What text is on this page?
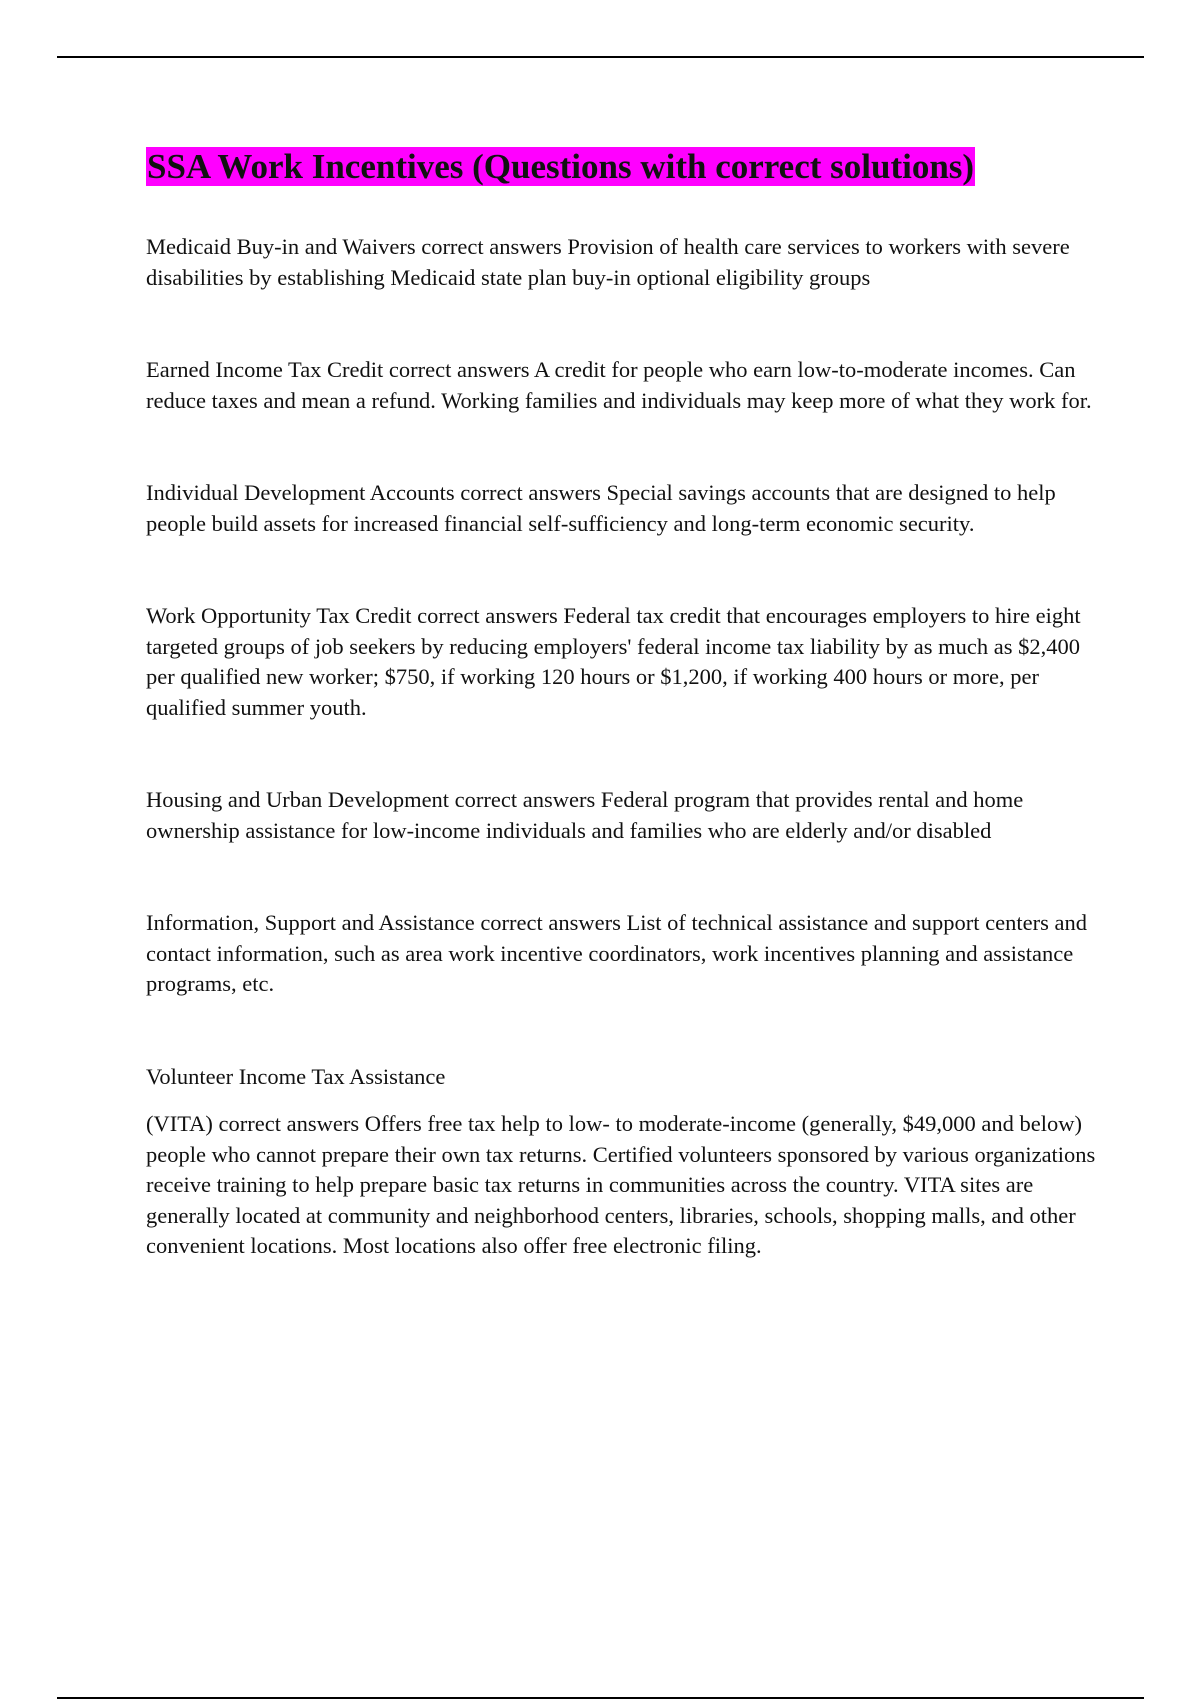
SSA Work Incentives (Questions with correct solutions)

Medicaid Buy-in and Waivers correct answers Provision of health care services to workers with severe disabilities by establishing Medicaid state plan buy-in optional eligibility groups

Earned Income Tax Credit correct answers A credit for people who earn low-to-moderate incomes. Can reduce taxes and mean a refund. Working families and individuals may keep more of what they work for.

Individual Development Accounts correct answers Special savings accounts that are designed to help people build assets for increased financial self-sufficiency and long-term economic security.

Work Opportunity Tax Credit correct answers Federal tax credit that encourages employers to hire eight targeted groups of job seekers by reducing employers' federal income tax liability by as much as $2,400 per qualified new worker; $750, if working 120 hours or $1,200, if working 400 hours or more, per qualified summer youth.

Housing and Urban Development correct answers Federal program that provides rental and home ownership assistance for low-income individuals and families who are elderly and/or disabled

Information, Support and Assistance correct answers List of technical assistance and support centers and contact information, such as area work incentive coordinators, work incentives planning and assistance programs, etc.

Volunteer Income Tax Assistance

(VITA) correct answers Offers free tax help to low- to moderate-income (generally, $49,000 and below) people who cannot prepare their own tax returns. Certified volunteers sponsored by various organizations receive training to help prepare basic tax returns in communities across the country. VITA sites are generally located at community and neighborhood centers, libraries, schools, shopping malls, and other convenient locations. Most locations also offer free electronic filing.
